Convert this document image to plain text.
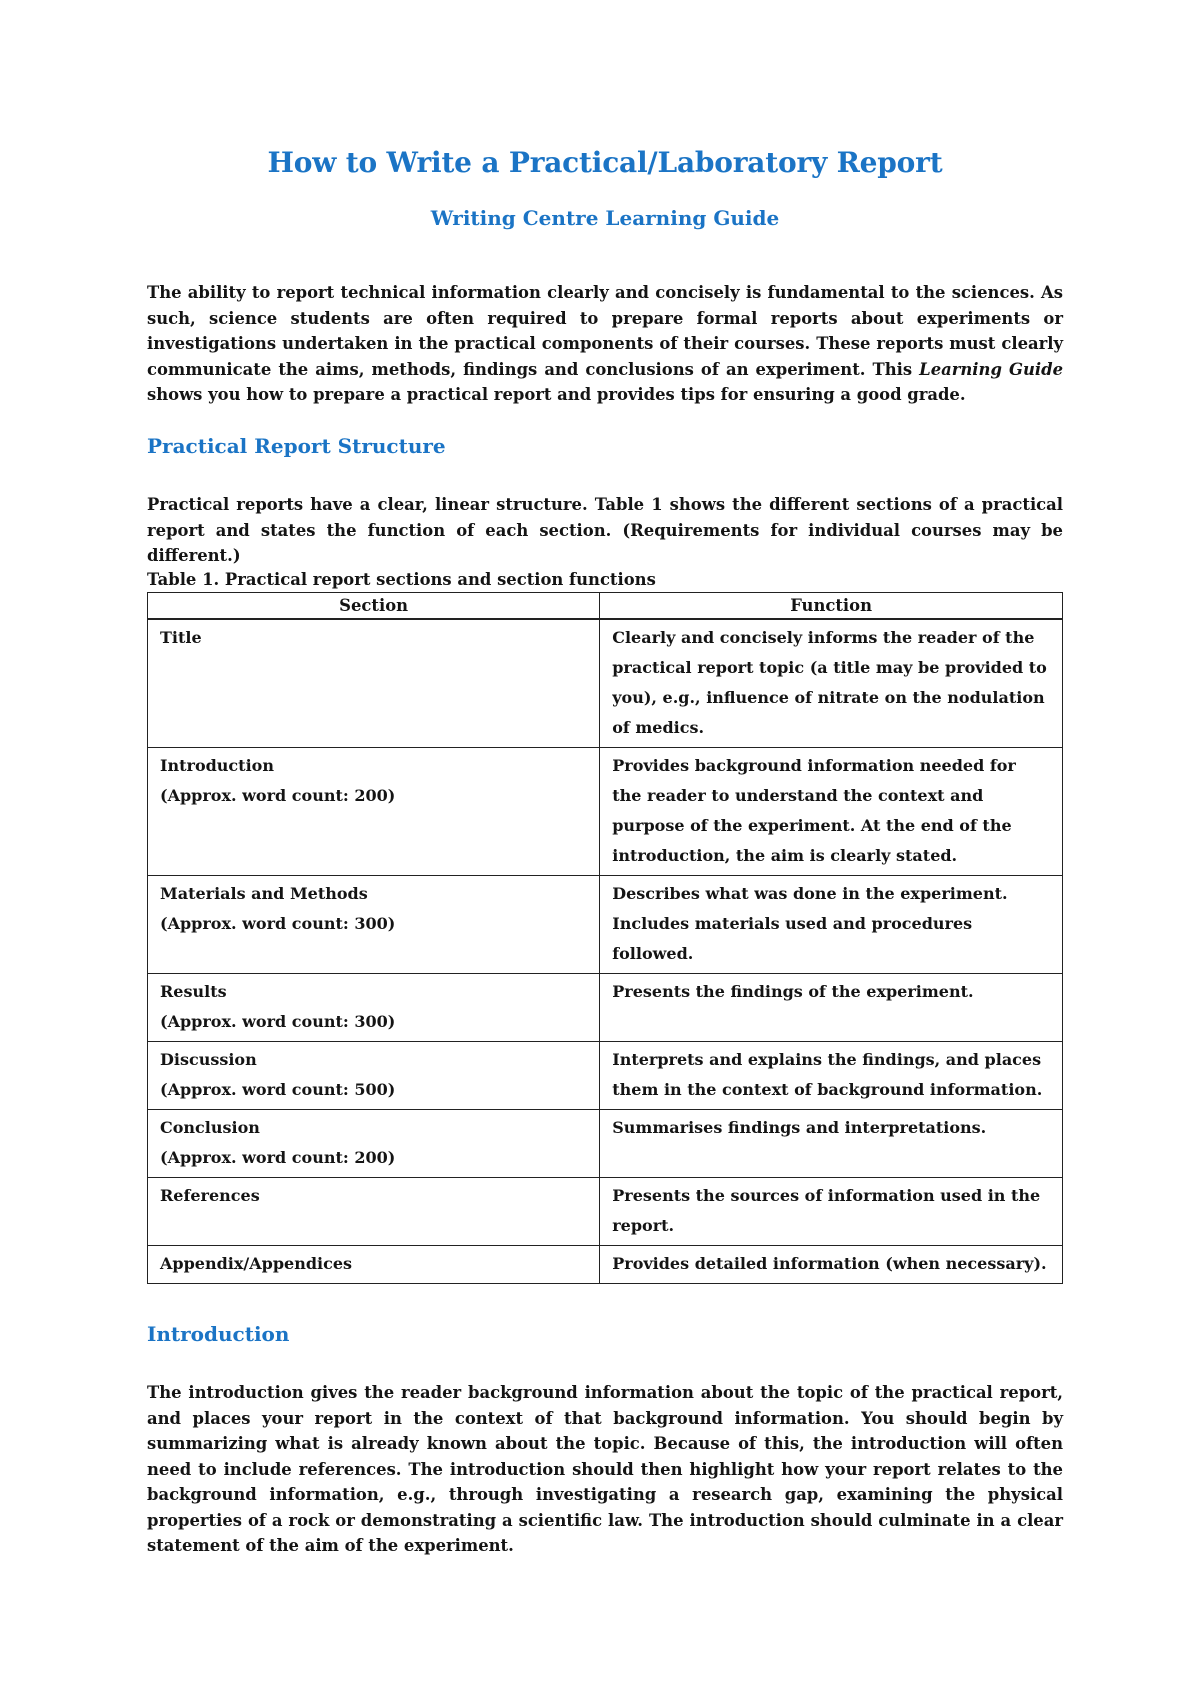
How to Write a Practical/Laboratory Report
Writing Centre Learning Guide

The ability to report technical information clearly and concisely is fundamental to the sciences. As such, science students are often required to prepare formal reports about experiments or investigations undertaken in the practical components of their courses. These reports must clearly communicate the aims, methods, findings and conclusions of an experiment. This Learning Guide shows you how to prepare a practical report and provides tips for ensuring a good grade.

Practical Report Structure

Practical reports have a clear, linear structure. Table 1 shows the different sections of a practical report and states the function of each section. (Requirements for individual courses may be different.)

Table 1. Practical report sections and section functions

Section	Function

Title	Clearly and concisely informs the reader of the practical report topic (a title may be provided to you), e.g., influence of nitrate on the nodulation of medics.

Introduction
(Approx. word count: 200)	Provides background information needed for the reader to understand the context and purpose of the experiment. At the end of the introduction, the aim is clearly stated.

Materials and Methods
(Approx. word count: 300)	Describes what was done in the experiment. Includes materials used and procedures followed.

Results
(Approx. word count: 300)	Presents the findings of the experiment.

Discussion
(Approx. word count: 500)	Interprets and explains the findings, and places them in the context of background information.

Conclusion
(Approx. word count: 200)	Summarises findings and interpretations.

References	Presents the sources of information used in the report.

Appendix/Appendices	Provides detailed information (when necessary).
Introduction

The introduction gives the reader background information about the topic of the practical report, and places your report in the context of that background information. You should begin by summarizing what is already known about the topic. Because of this, the introduction will often need to include references. The introduction should then highlight how your report relates to the background information, e.g., through investigating a research gap, examining the physical properties of a rock or demonstrating a scientific law. The introduction should culminate in a clear statement of the aim of the experiment.
